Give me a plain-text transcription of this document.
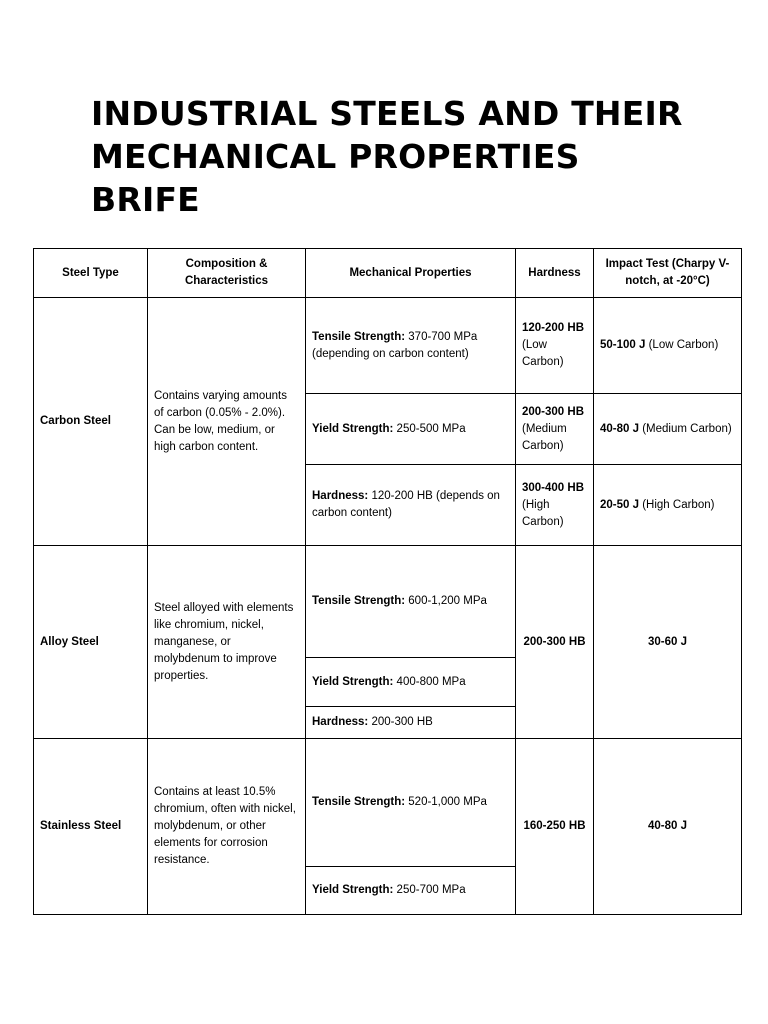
INDUSTRIAL STEELS AND THEIR MECHANICAL PROPERTIES BRIFE
Steel Type	Composition & Characteristics	Mechanical Properties	Hardness	Impact Test (Charpy V-notch, at -20°C)
Carbon Steel	Contains varying amounts of carbon (0.05% - 2.0%). Can be low, medium, or high carbon content.	Tensile Strength: 370-700 MPa (depending on carbon content)	120-200 HB (Low Carbon)	50-100 J (Low Carbon)
		Yield Strength: 250-500 MPa	200-300 HB (Medium Carbon)	40-80 J (Medium Carbon)
		Hardness: 120-200 HB (depends on carbon content)	300-400 HB (High Carbon)	20-50 J (High Carbon)
Alloy Steel	Steel alloyed with elements like chromium, nickel, manganese, or molybdenum to improve properties.	Tensile Strength: 600-1,200 MPa	200-300 HB	30-60 J
		Yield Strength: 400-800 MPa		
		Hardness: 200-300 HB		
Stainless Steel	Contains at least 10.5% chromium, often with nickel, molybdenum, or other elements for corrosion resistance.	Tensile Strength: 520-1,000 MPa	160-250 HB	40-80 J
		Yield Strength: 250-700 MPa		
